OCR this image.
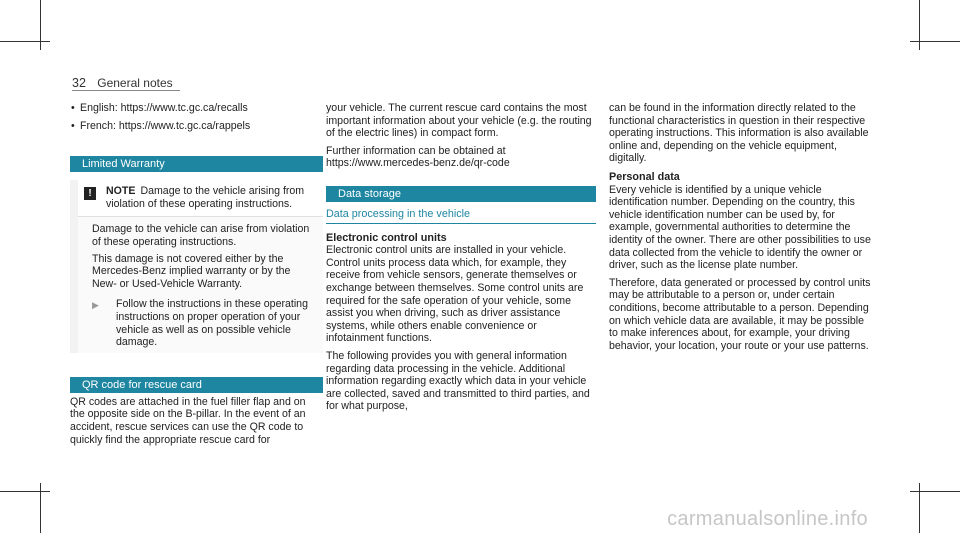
32 General notes
• English: https://www.tc.gc.ca/recalls
• French: https://www.tc.gc.ca/rappels
Limited Warranty
!	NOTE Damage to the vehicle arising from violation of these operating instructions.

Damage to the vehicle can arise from violation of these operating instructions.

This damage is not covered either by the Mercedes-Benz implied warranty or by the New- or Used-Vehicle Warranty.

▶	Follow the instructions in these operating instructions on proper operation of your vehicle as well as on possible vehicle damage.
QR code for rescue card

QR codes are attached in the fuel filler flap and on the opposite side on the B-pillar. In the event of an accident, rescue services can use the QR code to quickly find the appropriate rescue card for

your vehicle. The current rescue card contains the most important information about your vehicle (e.g. the routing of the electric lines) in compact form.

Further information can be obtained at https://www.mercedes-benz.de/qr-code

Data storage
Data processing in the vehicle
Electronic control units

Electronic control units are installed in your vehicle. Control units process data which, for example, they receive from vehicle sensors, generate themselves or exchange between themselves. Some control units are required for the safe operation of your vehicle, some assist you when driving, such as driver assistance systems, while others enable convenience or infotainment functions.

The following provides you with general information regarding data processing in the vehicle. Additional information regarding exactly which data in your vehicle are collected, saved and transmitted to third parties, and for what purpose,

can be found in the information directly related to the functional characteristics in question in their respective operating instructions. This information is also available online and, depending on the vehicle equipment, digitally.

Personal data

Every vehicle is identified by a unique vehicle identification number. Depending on the country, this vehicle identification number can be used by, for example, governmental authorities to determine the identity of the owner. There are other possibilities to use data collected from the vehicle to identify the owner or driver, such as the license plate number.

Therefore, data generated or processed by control units may be attributable to a person or, under certain conditions, become attributable to a person. Depending on which vehicle data are available, it may be possible to make inferences about, for example, your driving behavior, your location, your route or your use patterns.

carmanualsonline.info
